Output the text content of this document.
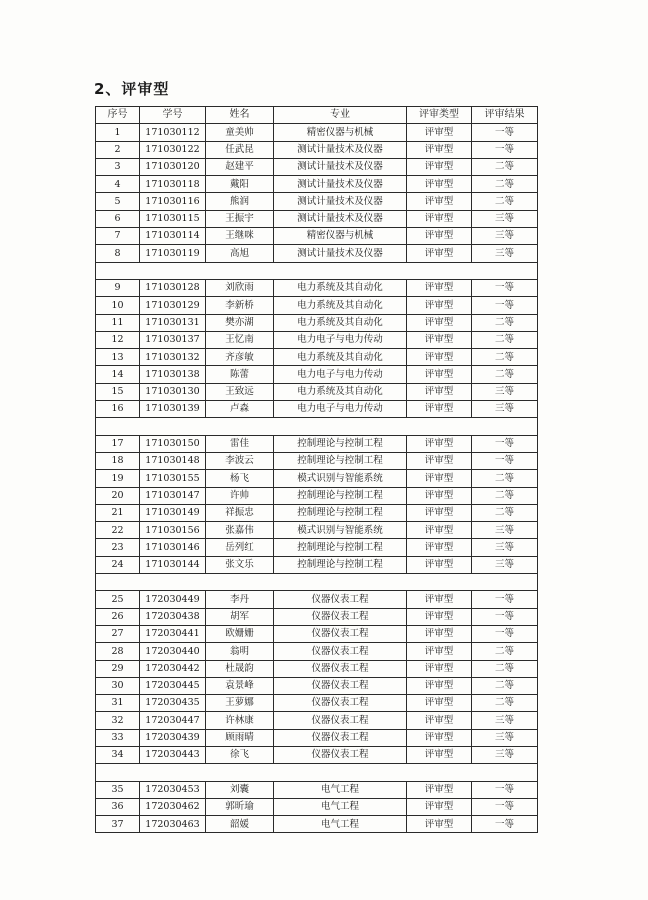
2、评审型
序号	学号	姓名	专业	评审类型	评审结果
1	171030112	童美帅	精密仪器与机械	评审型	一等
2	171030122	任武昆	测试计量技术及仪器	评审型	一等
3	171030120	赵建平	测试计量技术及仪器	评审型	二等
4	171030118	戴阳	测试计量技术及仪器	评审型	二等
5	171030116	熊润	测试计量技术及仪器	评审型	二等
6	171030115	王振宇	测试计量技术及仪器	评审型	三等
7	171030114	王继咪	精密仪器与机械	评审型	三等
8	171030119	高旭	测试计量技术及仪器	评审型	三等

9	171030128	刘欣雨	电力系统及其自动化	评审型	一等
10	171030129	李新桥	电力系统及其自动化	评审型	一等
11	171030131	樊亦湖	电力系统及其自动化	评审型	二等
12	171030137	王忆南	电力电子与电力传动	评审型	二等
13	171030132	齐彦敏	电力系统及其自动化	评审型	二等
14	171030138	陈蕾	电力电子与电力传动	评审型	二等
15	171030130	王致远	电力系统及其自动化	评审型	三等
16	171030139	卢森	电力电子与电力传动	评审型	三等

17	171030150	雷佳	控制理论与控制工程	评审型	一等
18	171030148	李波云	控制理论与控制工程	评审型	一等
19	171030155	杨飞	模式识别与智能系统	评审型	二等
20	171030147	许帅	控制理论与控制工程	评审型	二等
21	171030149	祥振忠	控制理论与控制工程	评审型	二等
22	171030156	张嘉伟	模式识别与智能系统	评审型	三等
23	171030146	岳列红	控制理论与控制工程	评审型	三等
24	171030144	张文乐	控制理论与控制工程	评审型	三等

25	172030449	李丹	仪器仪表工程	评审型	一等
26	172030438	胡军	仪器仪表工程	评审型	一等
27	172030441	欧姗姗	仪器仪表工程	评审型	一等
28	172030440	翁明	仪器仪表工程	评审型	二等
29	172030442	杜晟韵	仪器仪表工程	评审型	二等
30	172030445	袁景峰	仪器仪表工程	评审型	二等
31	172030435	王萝娜	仪器仪表工程	评审型	二等
32	172030447	许林康	仪器仪表工程	评审型	三等
33	172030439	顾雨晴	仪器仪表工程	评审型	三等
34	172030443	徐飞	仪器仪表工程	评审型	三等

35	172030453	刘囊	电气工程	评审型	一等
36	172030462	郭昕瑜	电气工程	评审型	一等
37	172030463	韶媛	电气工程	评审型	一等
